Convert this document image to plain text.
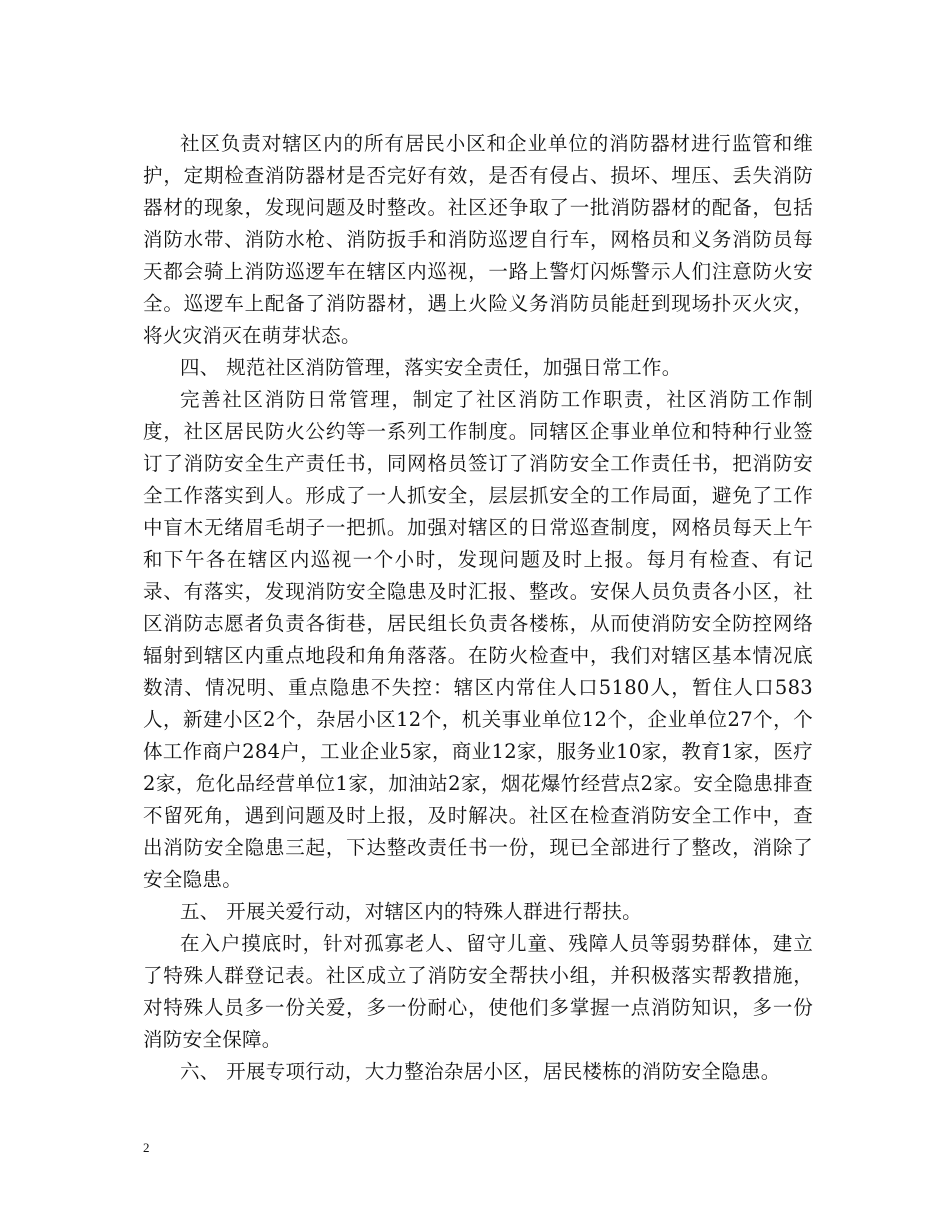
社区负责对辖区内的所有居民小区和企业单位的消防器材进行监管和维护，定期检查消防器材是否完好有效，是否有侵占、损坏、埋压、丢失消防器材的现象，发现问题及时整改。社区还争取了一批消防器材的配备，包括消防水带、消防水枪、消防扳手和消防巡逻自行车，网格员和义务消防员每天都会骑上消防巡逻车在辖区内巡视，一路上警灯闪烁警示人们注意防火安全。巡逻车上配备了消防器材，遇上火险义务消防员能赶到现场扑灭火灾，将火灾消灭在萌芽状态。

四、 规范社区消防管理，落实安全责任，加强日常工作。

完善社区消防日常管理，制定了社区消防工作职责，社区消防工作制度，社区居民防火公约等一系列工作制度。同辖区企事业单位和特种行业签订了消防安全生产责任书，同网格员签订了消防安全工作责任书，把消防安全工作落实到人。形成了一人抓安全，层层抓安全的工作局面，避免了工作中盲木无绪眉毛胡子一把抓。加强对辖区的日常巡查制度，网格员每天上午和下午各在辖区内巡视一个小时，发现问题及时上报。每月有检查、有记录、有落实，发现消防安全隐患及时汇报、整改。安保人员负责各小区，社区消防志愿者负责各街巷，居民组长负责各楼栋，从而使消防安全防控网络辐射到辖区内重点地段和角角落落。在防火检查中，我们对辖区基本情况底数清、情况明、重点隐患不失控：辖区内常住人口5180人，暂住人口583人，新建小区2个，杂居小区12个，机关事业单位12个，企业单位27个，个体工作商户284户，工业企业5家，商业12家，服务业10家，教育1家，医疗2家，危化品经营单位1家，加油站2家，烟花爆竹经营点2家。安全隐患排查不留死角，遇到问题及时上报，及时解决。社区在检查消防安全工作中，查出消防安全隐患三起，下达整改责任书一份，现已全部进行了整改，消除了安全隐患。

五、 开展关爱行动，对辖区内的特殊人群进行帮扶。

在入户摸底时，针对孤寡老人、留守儿童、残障人员等弱势群体，建立了特殊人群登记表。社区成立了消防安全帮扶小组，并积极落实帮教措施，对特殊人员多一份关爱，多一份耐心，使他们多掌握一点消防知识，多一份消防安全保障。

六、 开展专项行动，大力整治杂居小区，居民楼栋的消防安全隐患。

2
